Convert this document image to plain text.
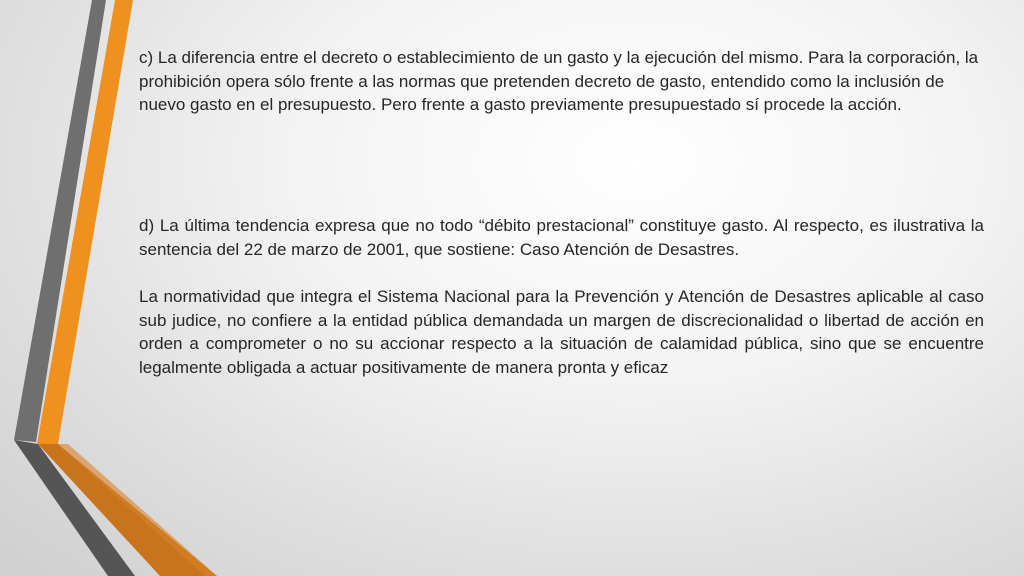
c) La diferencia entre el decreto o establecimiento de un gasto y la ejecución del mismo. Para la corporación, la prohibición opera sólo frente a las normas que pretenden decreto de gasto, entendido como la inclusión de nuevo gasto en el presupuesto. Pero frente a gasto previamente presupuestado sí procede la acción.
d) La última tendencia expresa que no todo “débito prestacional” constituye gasto. Al respecto, es ilustrativa la sentencia del 22 de marzo de 2001, que sostiene: Caso Atención de Desastres.
La normatividad que integra el Sistema Nacional para la Prevención y Atención de Desastres aplicable al caso sub judice, no confiere a la entidad pública demandada un margen de discrecionalidad o libertad de acción en orden a comprometer o no su accionar respecto a la situación de calamidad pública, sino que se encuentre legalmente obligada a actuar positivamente de manera pronta y eficaz
